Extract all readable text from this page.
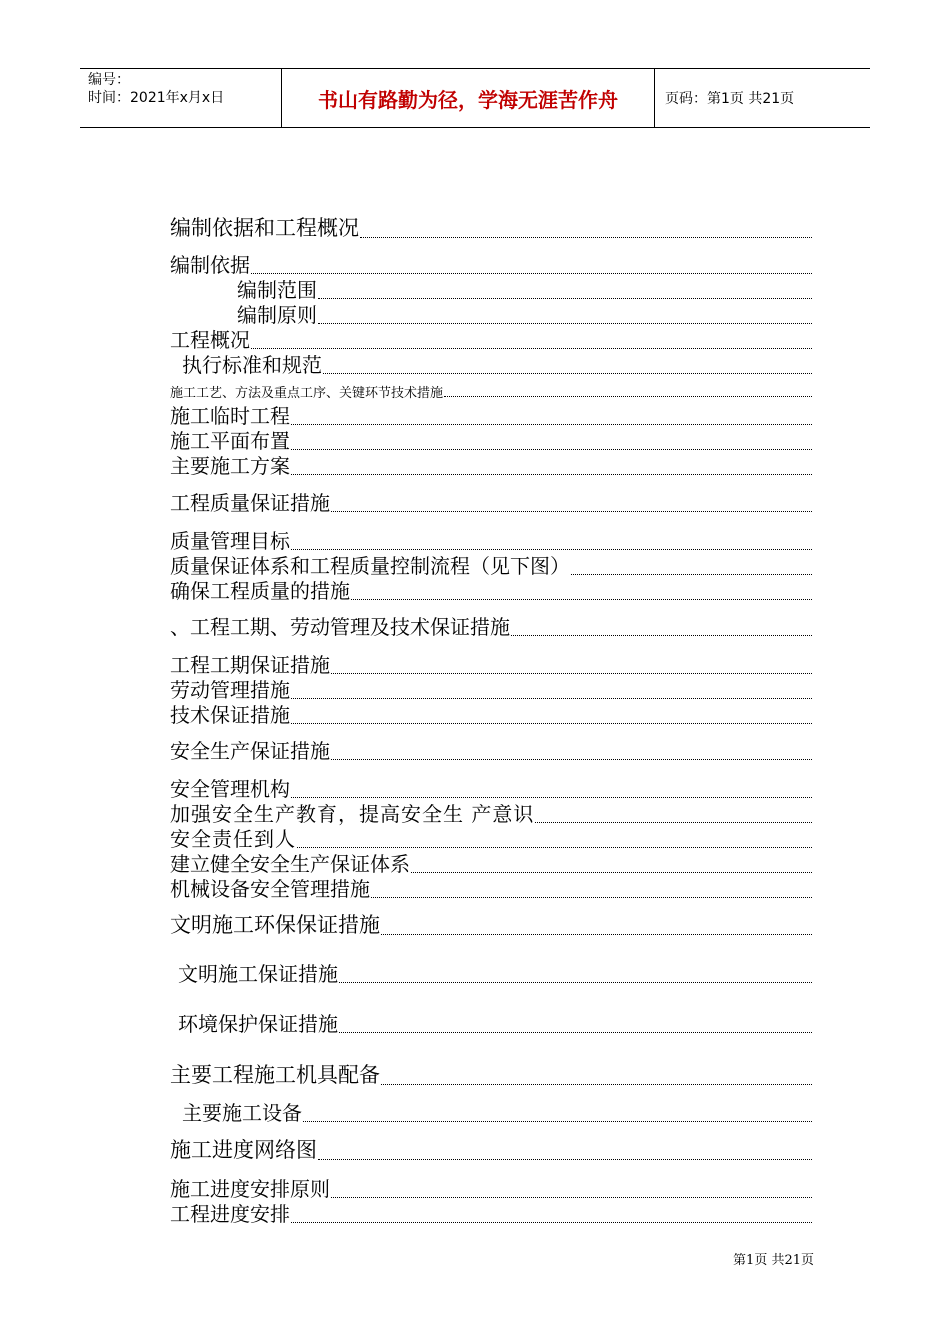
编号：
时间：2021年x月x日	书山有路勤为径，学海无涯苦作舟	页码：第1页 共21页
编制依据和工程概况
编制依据
编制范围
编制原则
工程概况
执行标准和规范
施工工艺、方法及重点工序、关键环节技术措施
施工临时工程
施工平面布置
主要施工方案
工程质量保证措施
质量管理目标
质量保证体系和工程质量控制流程（见下图）
确保工程质量的措施
、工程工期、劳动管理及技术保证措施
工程工期保证措施
劳动管理措施
技术保证措施
安全生产保证措施
安全管理机构
加强安全生产教育，提高安全生 产意识
安全责任到人
建立健全安全生产保证体系
机械设备安全管理措施
文明施工环保保证措施
文明施工保证措施
环境保护保证措施
主要工程施工机具配备
主要施工设备
施工进度网络图
施工进度安排原则
工程进度安排
第1页 共21页
